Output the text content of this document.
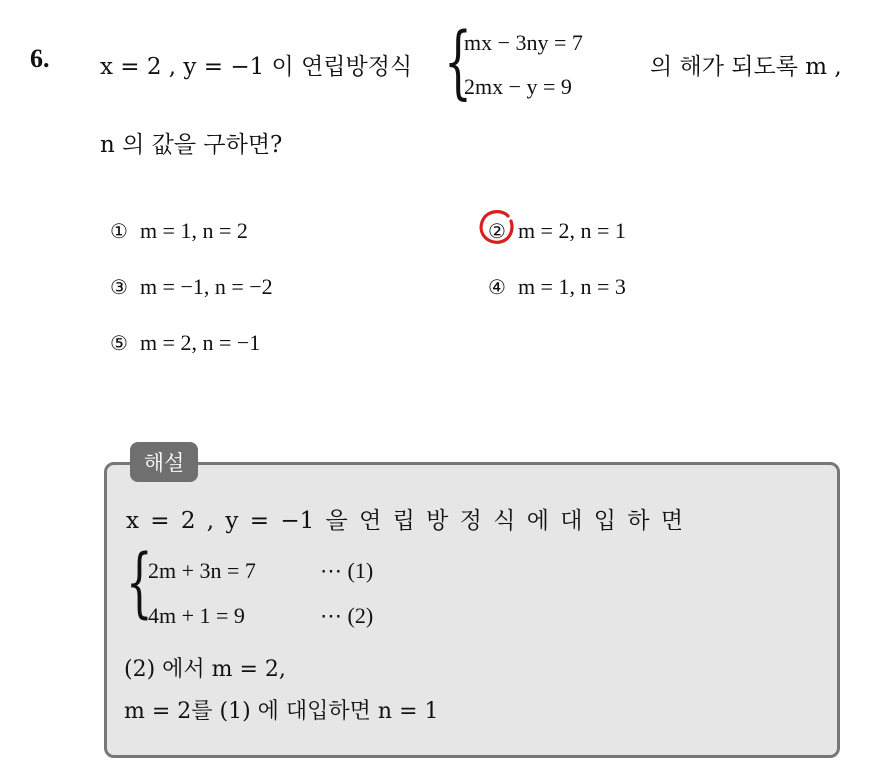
6. x = 2 , y = −1 이 연립방정식 {
mx − 3ny = 7
2mx − y = 9
의 해가 되도록 m ,
n 의 값을 구하면?
① m = 1, n = 2	② m = 2, n = 1
③ m = −1, n = −2	④ m = 1, n = 3
⑤ m = 2, n = −1
해설
x = 2 , y = −1 을 연 립 방 정 식 에 대 입 하 면
{
2m + 3n = 7	⋯ (1)
4m + 1 = 9	⋯ (2)
(2) 에서 m = 2,
m = 2를 (1) 에 대입하면 n = 1
